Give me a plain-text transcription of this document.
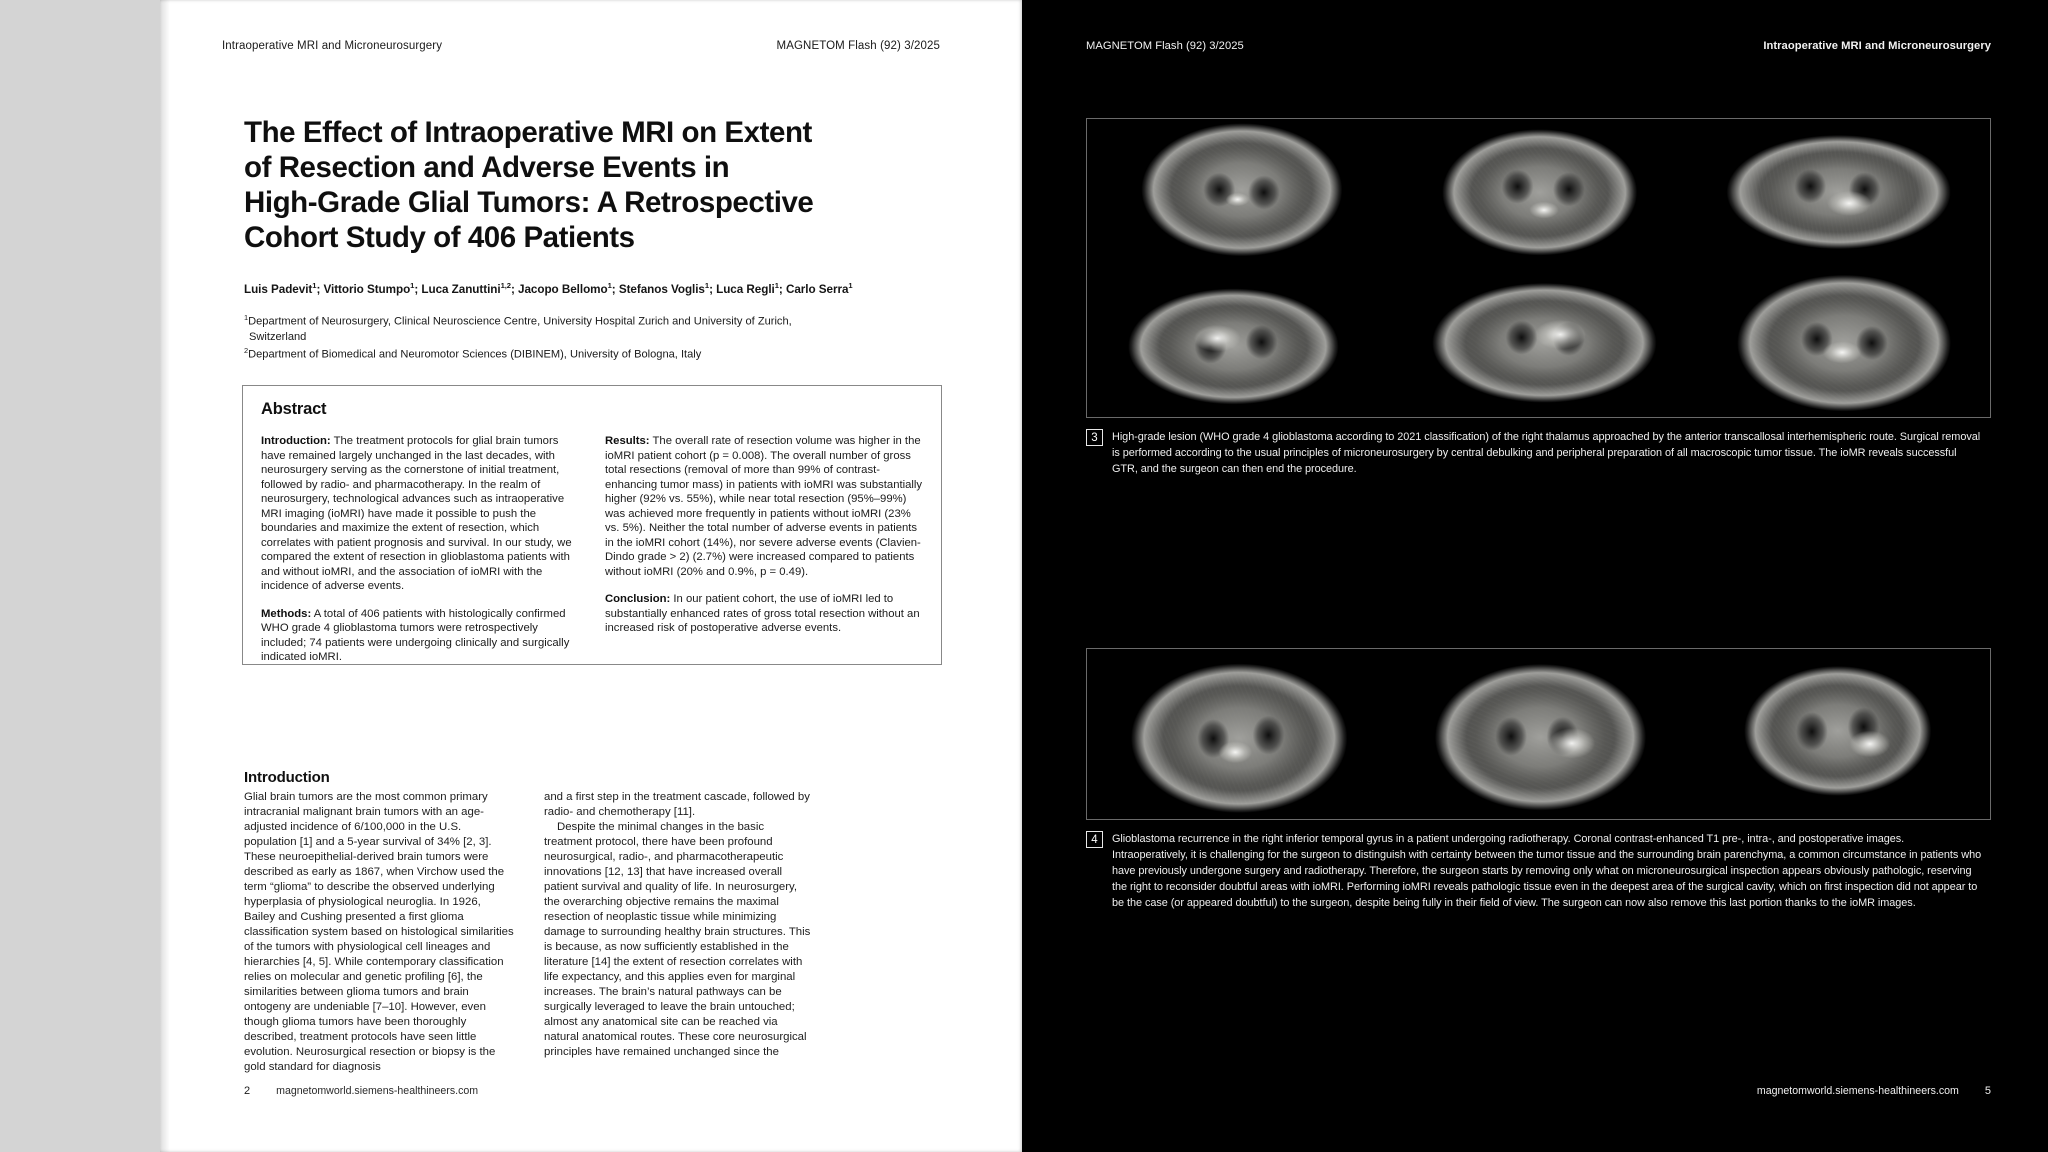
Intraoperative MRI and Microneurosurgery	MAGNETOM Flash (92) 3/2025
The Effect of Intraoperative MRI on Extent
of Resection and Adverse Events in
High-Grade Glial Tumors: A Retrospective
Cohort Study of 406 Patients
Luis Padevit$^1$; Vittorio Stumpo$^1$; Luca Zanuttini$^{1,2}$; Jacopo Bellomo$^1$; Stefanos Voglis$^1$; Luca Regli$^1$; Carlo Serra$^1$
$^1$Department of Neurosurgery, Clinical Neuroscience Centre, University Hospital Zurich and University of Zurich,
Switzerland
$^2$Department of Biomedical and Neuromotor Sciences (DIBINEM), University of Bologna, Italy
Abstract

Introduction: The treatment protocols for glial brain tumors have remained largely unchanged in the last decades, with neurosurgery serving as the cornerstone of initial treatment, followed by radio- and pharmacotherapy. In the realm of neurosurgery, technological advances such as intraoperative MRI imaging (ioMRI) have made it possible to push the boundaries and maximize the extent of resection, which correlates with patient prognosis and survival. In our study, we compared the extent of resection in glioblastoma patients with and without ioMRI, and the association of ioMRI with the incidence of adverse events.

Methods: A total of 406 patients with histologically confirmed WHO grade 4 glioblastoma tumors were retrospectively included; 74 patients were undergoing clinically and surgically indicated ioMRI.

Results: The overall rate of resection volume was higher in the ioMRI patient cohort (p = 0.008). The overall number of gross total resections (removal of more than 99% of contrast-enhancing tumor mass) in patients with ioMRI was substantially higher (92% vs. 55%), while near total resection (95%–99%) was achieved more frequently in patients without ioMRI (23% vs. 5%). Neither the total number of adverse events in patients in the ioMRI cohort (14%), nor severe adverse events (Clavien-Dindo grade > 2) (2.7%) were increased compared to patients without ioMRI (20% and 0.9%, p = 0.49).

Conclusion: In our patient cohort, the use of ioMRI led to substantially enhanced rates of gross total resection without an increased risk of postoperative adverse events.

Introduction

Glial brain tumors are the most common primary intracranial malignant brain tumors with an age-adjusted incidence of 6/100,000 in the U.S. population [1] and a 5-year survival of 34% [2, 3]. These neuroepithelial-derived brain tumors were described as early as 1867, when Virchow used the term “glioma” to describe the observed underlying hyperplasia of physiological neuroglia. In 1926, Bailey and Cushing presented a first glioma classification system based on histological similarities of the tumors with physiological cell lineages and hierarchies [4, 5]. While contemporary classification relies on molecular and genetic profiling [6], the similarities between glioma tumors and brain ontogeny are undeniable [7–10]. However, even though glioma tumors have been thoroughly described, treatment protocols have seen little evolution. Neurosurgical resection or biopsy is the gold standard for diagnosis

and a first step in the treatment cascade, followed by radio- and chemotherapy [11].

Despite the minimal changes in the basic treatment protocol, there have been profound neurosurgical, radio-, and pharmacotherapeutic innovations [12, 13] that have increased overall patient survival and quality of life. In neurosurgery, the overarching objective remains the maximal resection of neoplastic tissue while minimizing damage to surrounding healthy brain structures. This is because, as now sufficiently established in the literature [14] the extent of resection correlates with life expectancy, and this applies even for marginal increases. The brain’s natural pathways can be surgically leveraged to leave the brain untouched; almost any anatomical site can be reached via natural anatomical routes. These core neurosurgical principles have remained unchanged since the

2 magnetomworld.siemens-healthineers.com
MAGNETOM Flash (92) 3/2025	Intraoperative MRI and Microneurosurgery
3	High-grade lesion (WHO grade 4 glioblastoma according to 2021 classification) of the right thalamus approached by the anterior transcallosal interhemispheric route. Surgical removal is performed according to the usual principles of microneurosurgery by central debulking and peripheral preparation of all macroscopic tumor tissue. The ioMR reveals successful GTR, and the surgeon can then end the procedure.
4	Glioblastoma recurrence in the right inferior temporal gyrus in a patient undergoing radiotherapy. Coronal contrast-enhanced T1 pre-, intra-, and postoperative images. Intraoperatively, it is challenging for the surgeon to distinguish with certainty between the tumor tissue and the surrounding brain parenchyma, a common circumstance in patients who have previously undergone surgery and radiotherapy. Therefore, the surgeon starts by removing only what on microneurosurgical inspection appears obviously pathologic, reserving the right to reconsider doubtful areas with ioMRI. Performing ioMRI reveals pathologic tissue even in the deepest area of the surgical cavity, which on first inspection did not appear to be the case (or appeared doubtful) to the surgeon, despite being fully in their field of view. The surgeon can now also remove this last portion thanks to the ioMR images.
magnetomworld.siemens-healthineers.com 5
